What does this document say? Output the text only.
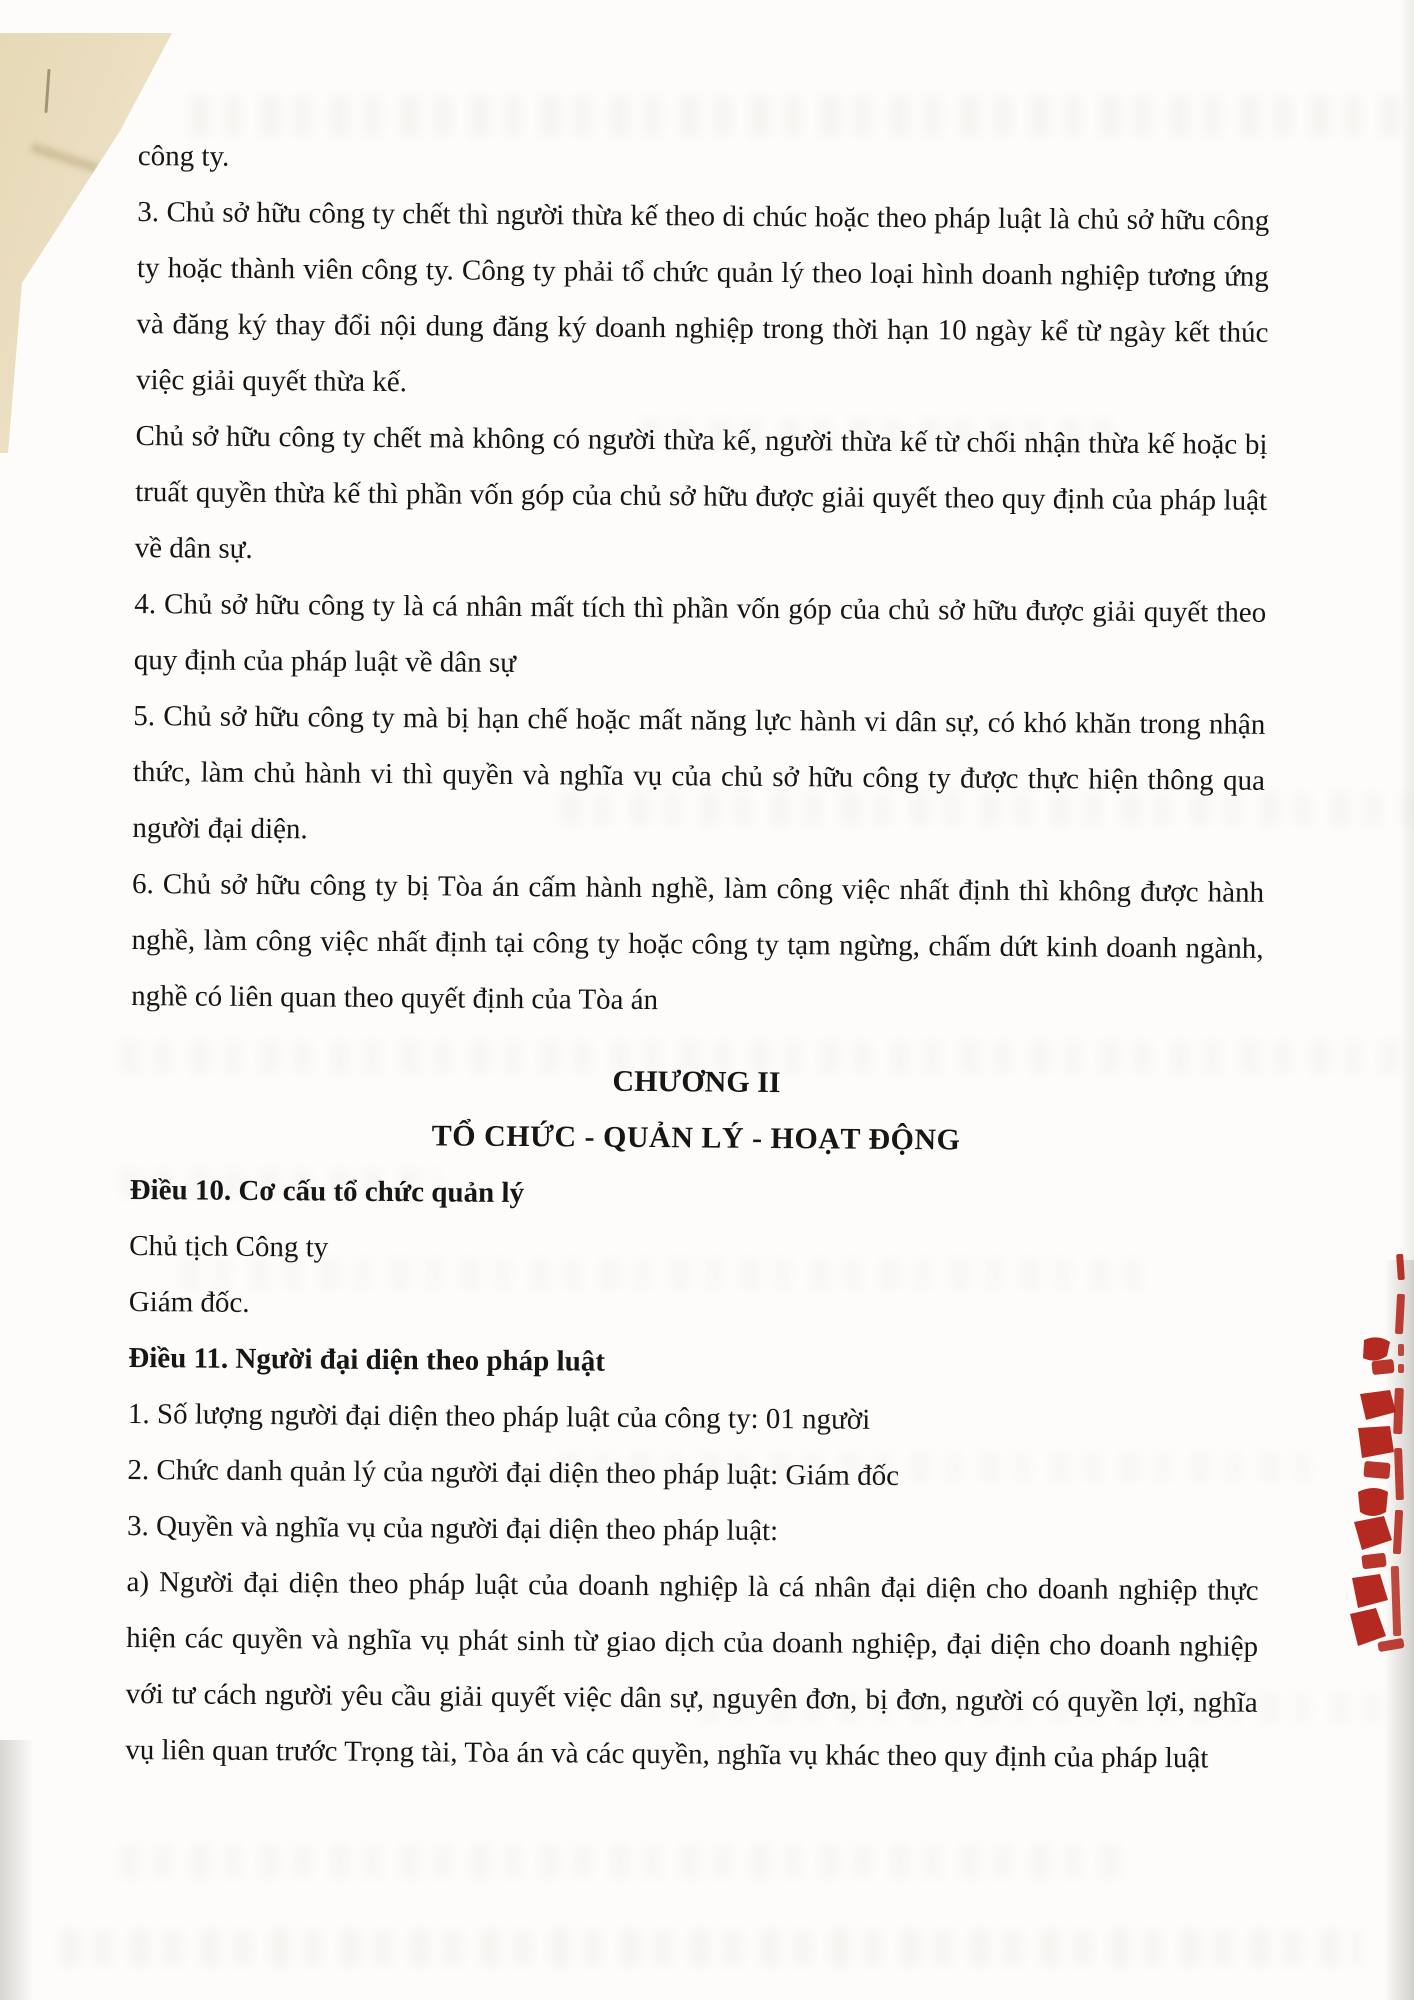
công ty.

3. Chủ sở hữu công ty chết thì người thừa kế theo di chúc hoặc theo pháp luật là chủ sở hữu công ty hoặc thành viên công ty. Công ty phải tổ chức quản lý theo loại hình doanh nghiệp tương ứng và đăng ký thay đổi nội dung đăng ký doanh nghiệp trong thời hạn 10 ngày kể từ ngày kết thúc việc giải quyết thừa kế.

Chủ sở hữu công ty chết mà không có người thừa kế, người thừa kế từ chối nhận thừa kế hoặc bị truất quyền thừa kế thì phần vốn góp của chủ sở hữu được giải quyết theo quy định của pháp luật về dân sự.

4. Chủ sở hữu công ty là cá nhân mất tích thì phần vốn góp của chủ sở hữu được giải quyết theo quy định của pháp luật về dân sự

5. Chủ sở hữu công ty mà bị hạn chế hoặc mất năng lực hành vi dân sự, có khó khăn trong nhận thức, làm chủ hành vi thì quyền và nghĩa vụ của chủ sở hữu công ty được thực hiện thông qua người đại diện.

6. Chủ sở hữu công ty bị Tòa án cấm hành nghề, làm công việc nhất định thì không được hành nghề, làm công việc nhất định tại công ty hoặc công ty tạm ngừng, chấm dứt kinh doanh ngành, nghề có liên quan theo quyết định của Tòa án

CHƯƠNG II

TỔ CHỨC - QUẢN LÝ - HOẠT ĐỘNG

Điều 10. Cơ cấu tổ chức quản lý

Chủ tịch Công ty

Giám đốc.

Điều 11. Người đại diện theo pháp luật

1. Số lượng người đại diện theo pháp luật của công ty: 01 người

2. Chức danh quản lý của người đại diện theo pháp luật: Giám đốc

3. Quyền và nghĩa vụ của người đại diện theo pháp luật:

a) Người đại diện theo pháp luật của doanh nghiệp là cá nhân đại diện cho doanh nghiệp thực hiện các quyền và nghĩa vụ phát sinh từ giao dịch của doanh nghiệp, đại diện cho doanh nghiệp với tư cách người yêu cầu giải quyết việc dân sự, nguyên đơn, bị đơn, người có quyền lợi, nghĩa vụ liên quan trước Trọng tài, Tòa án và các quyền, nghĩa vụ khác theo quy định của pháp luật
